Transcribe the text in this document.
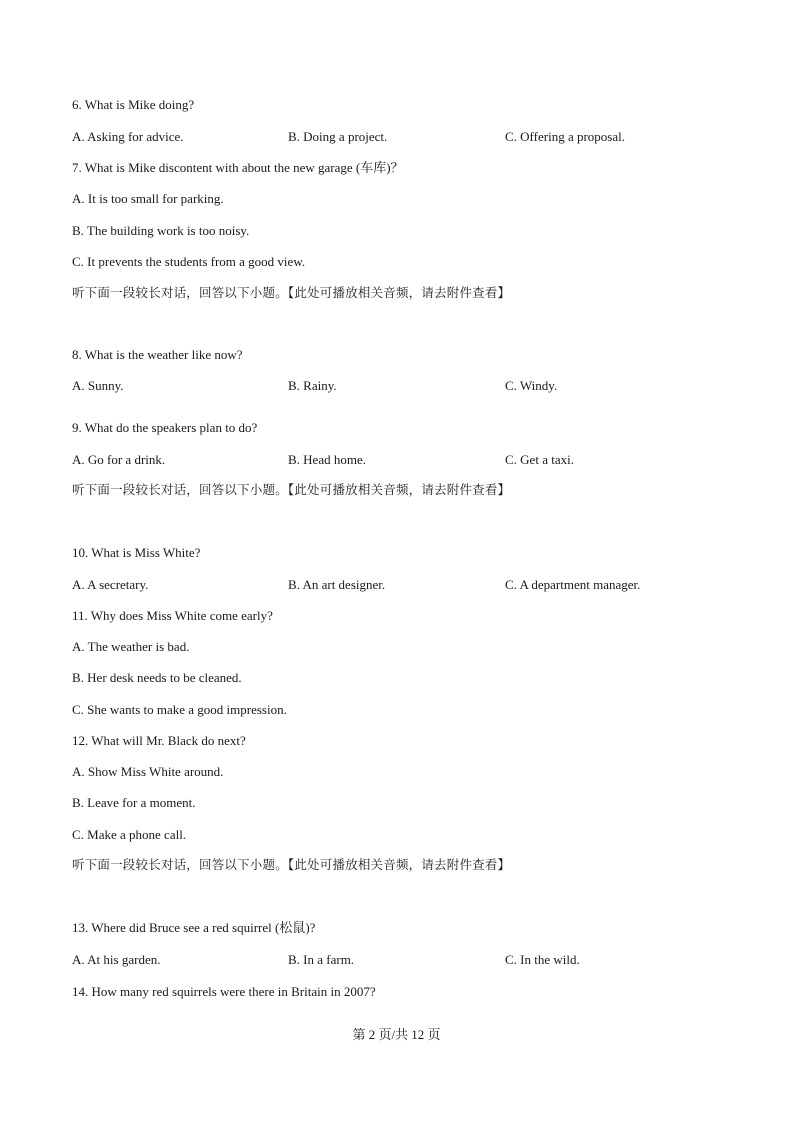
6. What is Mike doing?
A. Asking for advice.	B. Doing a project.	C. Offering a proposal.
7. What is Mike discontent with about the new garage (车库)？
A. It is too small for parking.
B. The building work is too noisy.
C. It prevents the students from a good view.
听下面一段较长对话，回答以下小题。【此处可播放相关音频，请去附件查看】
8. What is the weather like now?
A. Sunny.	B. Rainy.	C. Windy.
9. What do the speakers plan to do?
A. Go for a drink.	B. Head home.	C. Get a taxi.
听下面一段较长对话，回答以下小题。【此处可播放相关音频，请去附件查看】
10. What is Miss White?
A. A secretary.	B. An art designer.	C. A department manager.
11. Why does Miss White come early?
A. The weather is bad.
B. Her desk needs to be cleaned.
C. She wants to make a good impression.
12. What will Mr. Black do next?
A. Show Miss White around.
B. Leave for a moment.
C. Make a phone call.
听下面一段较长对话，回答以下小题。【此处可播放相关音频，请去附件查看】
13. Where did Bruce see a red squirrel (松鼠)?
A. At his garden.	B. In a farm.	C. In the wild.
14. How many red squirrels were there in Britain in 2007?
第 2 页/共 12 页
